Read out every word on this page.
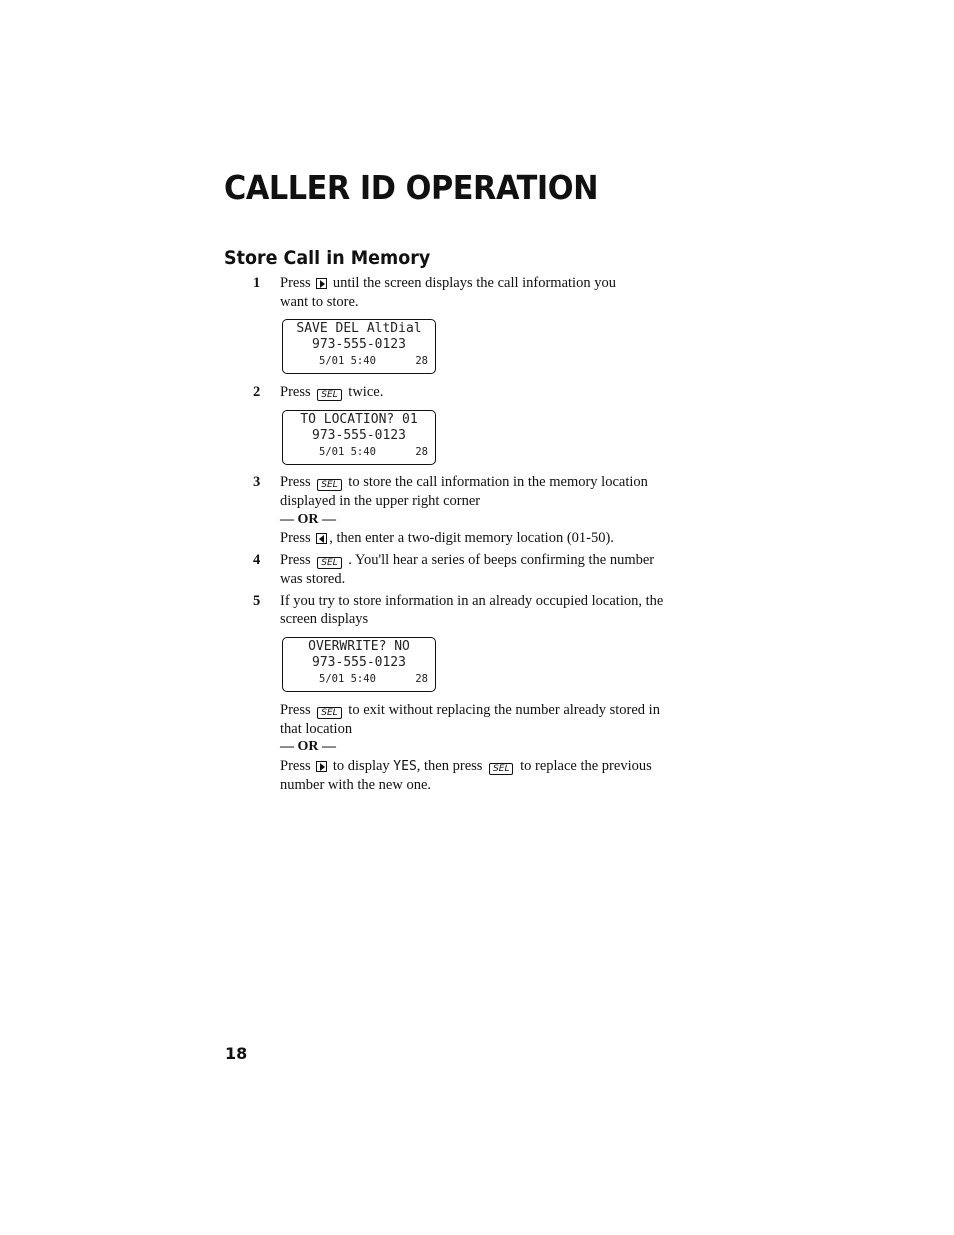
CALLER ID OPERATION
Store Call in Memory
1 Press until the screen displays the call information you
want to store.
SAVE DEL AltDial
973-555-0123
5/01 5:40	28
2 Press SEL twice.
TO LOCATION? 01
973-555-0123
5/01 5:40	28
3 Press SEL to store the call information in the memory location
displayed in the upper right corner
— OR —
Press , then enter a two-digit memory location (01-50).
4 Press SEL . You'll hear a series of beeps confirming the number
was stored.
5 If you try to store information in an already occupied location, the
screen displays
OVERWRITE? NO
973-555-0123
5/01 5:40	28
Press SEL to exit without replacing the number already stored in
that location
— OR —
Press to display YES, then press SEL to replace the previous
number with the new one.
18
